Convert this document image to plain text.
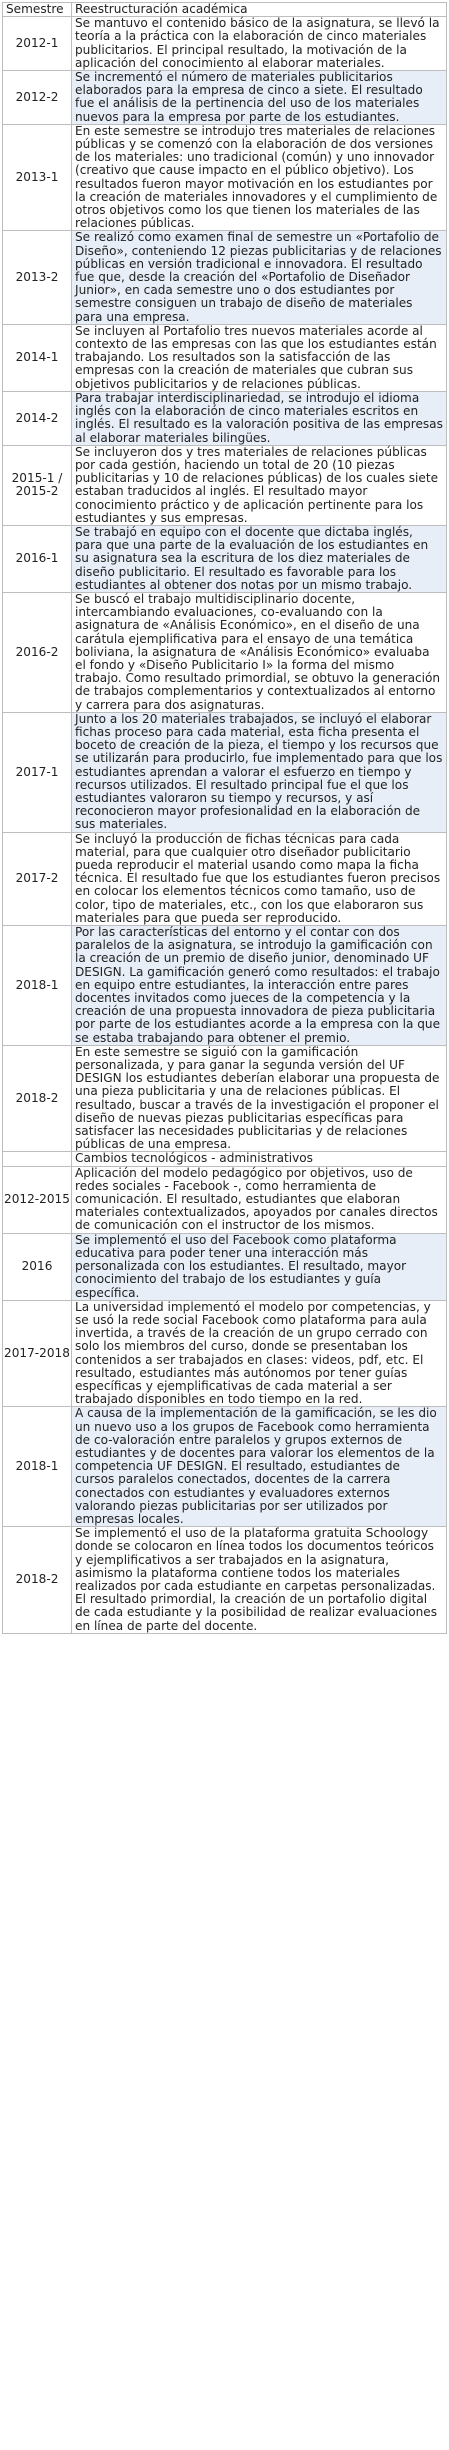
Semestre	Reestructuración académica
2012-1	Se mantuvo el contenido básico de la asignatura, se llevó la teoría a la práctica con la elaboración de cinco materiales publicitarios. El principal resultado, la motivación de la aplicación del conocimiento al elaborar materiales.
2012-2	Se incrementó el número de materiales publicitarios elaborados para la empresa de cinco a siete. El resultado fue el análisis de la pertinencia del uso de los materiales nuevos para la empresa por parte de los estudiantes.
2013-1	En este semestre se introdujo tres materiales de relaciones públicas y se comenzó con la elaboración de dos versiones de los materiales: uno tradicional (común) y uno innovador (creativo que cause impacto en el público objetivo). Los resultados fueron mayor motivación en los estudiantes por la creación de materiales innovadores y el cumplimiento de otros objetivos como los que tienen los materiales de las relaciones públicas.
2013-2	Se realizó como examen final de semestre un «Portafolio de Diseño», conteniendo 12 piezas publicitarias y de relaciones públicas en versión tradicional e innovadora. El resultado fue que, desde la creación del «Portafolio de Diseñador Junior», en cada semestre uno o dos estudiantes por semestre consiguen un trabajo de diseño de materiales para una empresa.
2014-1	Se incluyen al Portafolio tres nuevos materiales acorde al contexto de las empresas con las que los estudiantes están trabajando. Los resultados son la satisfacción de las empresas con la creación de materiales que cubran sus objetivos publicitarios y de relaciones públicas.
2014-2	Para trabajar interdisciplinariedad, se introdujo el idioma inglés con la elaboración de cinco materiales escritos en inglés. El resultado es la valoración positiva de las empresas al elaborar materiales bilingües.
2015-1 / 2015-2	Se incluyeron dos y tres materiales de relaciones públicas por cada gestión, haciendo un total de 20 (10 piezas publicitarias y 10 de relaciones públicas) de los cuales siete estaban traducidos al inglés. El resultado mayor conocimiento práctico y de aplicación pertinente para los estudiantes y sus empresas.
2016-1	Se trabajó en equipo con el docente que dictaba inglés, para que una parte de la evaluación de los estudiantes en su asignatura sea la escritura de los diez materiales de diseño publicitario. El resultado es favorable para los estudiantes al obtener dos notas por un mismo trabajo.
2016-2	Se buscó el trabajo multidisciplinario docente, intercambiando evaluaciones, co-evaluando con la asignatura de «Análisis Económico», en el diseño de una carátula ejemplificativa para el ensayo de una temática boliviana, la asignatura de «Análisis Económico» evaluaba el fondo y «Diseño Publicitario I» la forma del mismo trabajo. Como resultado primordial, se obtuvo la generación de trabajos complementarios y contextualizados al entorno y carrera para dos asignaturas.
2017-1	Junto a los 20 materiales trabajados, se incluyó el elaborar fichas proceso para cada material, esta ficha presenta el boceto de creación de la pieza, el tiempo y los recursos que se utilizarán para producirlo, fue implementado para que los estudiantes aprendan a valorar el esfuerzo en tiempo y recursos utilizados. El resultado principal fue el que los estudiantes valoraron su tiempo y recursos, y así reconocieron mayor profesionalidad en la elaboración de sus materiales.
2017-2	Se incluyó la producción de fichas técnicas para cada material, para que cualquier otro diseñador publicitario pueda reproducir el material usando como mapa la ficha técnica. El resultado fue que los estudiantes fueron precisos en colocar los elementos técnicos como tamaño, uso de color, tipo de materiales, etc., con los que elaboraron sus materiales para que pueda ser reproducido.
2018-1	Por las características del entorno y el contar con dos paralelos de la asignatura, se introdujo la gamificación con la creación de un premio de diseño junior, denominado UF DESIGN. La gamificación generó como resultados: el trabajo en equipo entre estudiantes, la interacción entre pares docentes invitados como jueces de la competencia y la creación de una propuesta innovadora de pieza publicitaria por parte de los estudiantes acorde a la empresa con la que se estaba trabajando para obtener el premio.
2018-2	En este semestre se siguió con la gamificación personalizada, y para ganar la segunda versión del UF DESIGN los estudiantes deberían elaborar una propuesta de una pieza publicitaria y una de relaciones públicas. El resultado, buscar a través de la investigación el proponer el diseño de nuevas piezas publicitarias específicas para satisfacer las necesidades publicitarias y de relaciones públicas de una empresa.
	Cambios tecnológicos - administrativos
2012-2015	Aplicación del modelo pedagógico por objetivos, uso de redes sociales - Facebook -, como herramienta de comunicación. El resultado, estudiantes que elaboran materiales contextualizados, apoyados por canales directos de comunicación con el instructor de los mismos.
2016	Se implementó el uso del Facebook como plataforma educativa para poder tener una interacción más personalizada con los estudiantes. El resultado, mayor conocimiento del trabajo de los estudiantes y guía específica.
2017-2018	La universidad implementó el modelo por competencias, y se usó la rede social Facebook como plataforma para aula invertida, a través de la creación de un grupo cerrado con solo los miembros del curso, donde se presentaban los contenidos a ser trabajados en clases: videos, pdf, etc. El resultado, estudiantes más autónomos por tener guías específicas y ejemplificativas de cada material a ser trabajado disponibles en todo tiempo en la red.
2018-1	A causa de la implementación de la gamificación, se les dio un nuevo uso a los grupos de Facebook como herramienta de co-valoración entre paralelos y grupos externos de estudiantes y de docentes para valorar los elementos de la competencia UF DESIGN. El resultado, estudiantes de cursos paralelos conectados, docentes de la carrera conectados con estudiantes y evaluadores externos valorando piezas publicitarias por ser utilizados por empresas locales.
2018-2	Se implementó el uso de la plataforma gratuita Schoology donde se colocaron en línea todos los documentos teóricos y ejemplificativos a ser trabajados en la asignatura, asimismo la plataforma contiene todos los materiales realizados por cada estudiante en carpetas personalizadas. El resultado primordial, la creación de un portafolio digital de cada estudiante y la posibilidad de realizar evaluaciones en línea de parte del docente.
